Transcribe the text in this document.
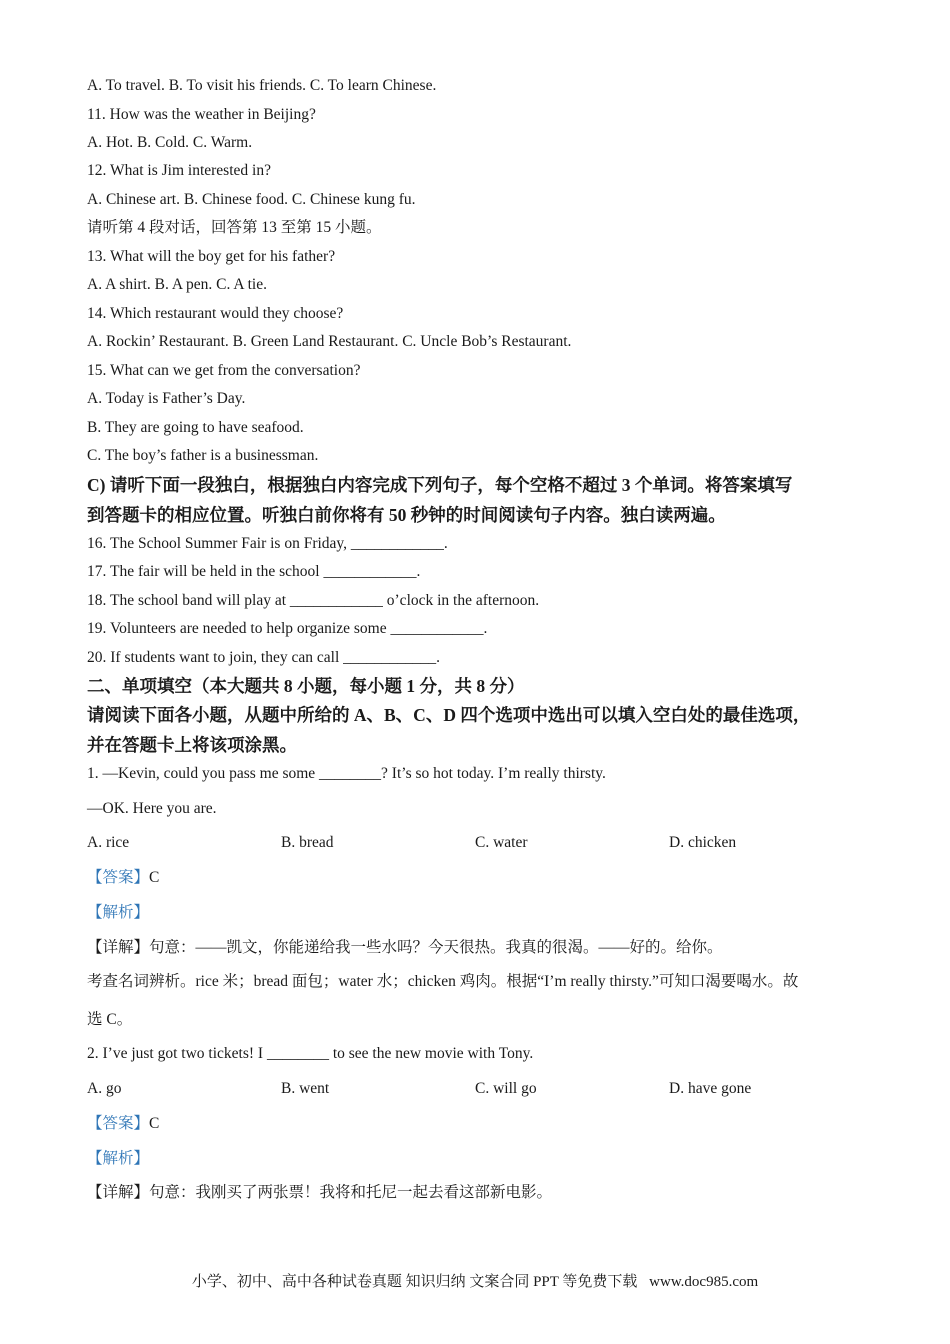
A. To travel. B. To visit his friends. C. To learn Chinese.
11. How was the weather in Beijing?
A. Hot. B. Cold. C. Warm.
12. What is Jim interested in?
A. Chinese art. B. Chinese food. C. Chinese kung fu.
请听第 4 段对话，回答第 13 至第 15 小题。
13. What will the boy get for his father?
A. A shirt. B. A pen. C. A tie.
14. Which restaurant would they choose?
A. Rockin’ Restaurant. B. Green Land Restaurant. C. Uncle Bob’s Restaurant.
15. What can we get from the conversation?
A. Today is Father’s Day.
B. They are going to have seafood.
C. The boy’s father is a businessman.
C) 请听下面一段独白，根据独白内容完成下列句子，每个空格不超过 3 个单词。将答案填写
到答题卡的相应位置。听独白前你将有 50 秒钟的时间阅读句子内容。独白读两遍。
16. The School Summer Fair is on Friday, ____________.
17. The fair will be held in the school ____________.
18. The school band will play at ____________ o’clock in the afternoon.
19. Volunteers are needed to help organize some ____________.
20. If students want to join, they can call ____________.
二、单项填空（本大题共 8 小题，每小题 1 分，共 8 分）
请阅读下面各小题，从题中所给的 A、B、C、D 四个选项中选出可以填入空白处的最佳选项，
并在答题卡上将该项涂黑。
1. —Kevin, could you pass me some ________? It’s so hot today. I’m really thirsty.
—OK. Here you are.
A. rice	B. bread	C. water	D. chicken
【答案】C
【解析】
【详解】句意：——凯文，你能递给我一些水吗？今天很热。我真的很渴。——好的。给你。
考查名词辨析。rice 米；bread 面包；water 水；chicken 鸡肉。根据“I’m really thirsty.”可知口渴要喝水。故
选 C。
2. I’ve just got two tickets! I ________ to see the new movie with Tony.
A. go	B. went	C. will go	D. have gone
【答案】C
【解析】
【详解】句意：我刚买了两张票！我将和托尼一起去看这部新电影。
小学、初中、高中各种试卷真题 知识归纳 文案合同 PPT 等免费下载 www.doc985.com
